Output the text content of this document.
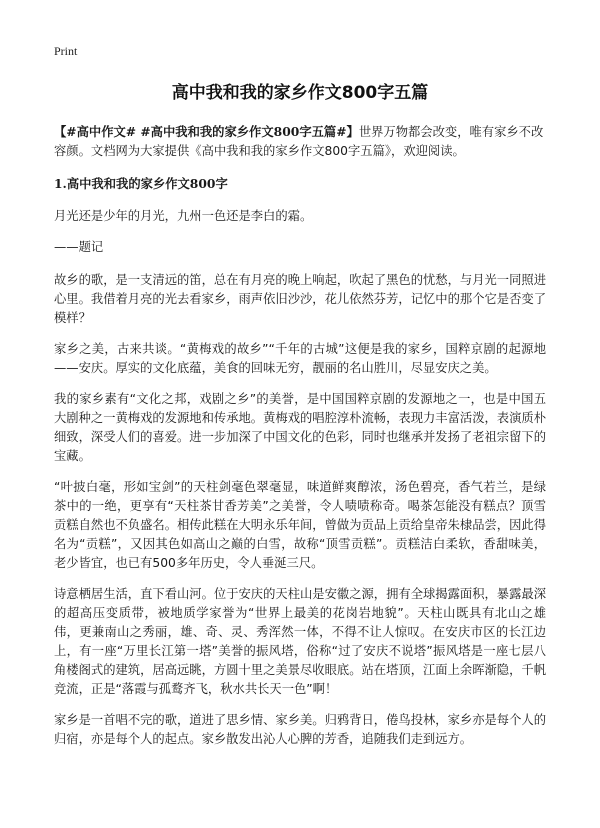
Print
高中我和我的家乡作文800字五篇

【#高中作文# #高中我和我的家乡作文800字五篇#】世界万物都会改变，唯有家乡不改容颜。文档网为大家提供《高中我和我的家乡作文800字五篇》，欢迎阅读。

1.高中我和我的家乡作文800字

月光还是少年的月光，九州一色还是李白的霜。

——题记

故乡的歌，是一支清远的笛，总在有月亮的晚上响起，吹起了黑色的忧愁，与月光一同照进心里。我借着月亮的光去看家乡，雨声依旧沙沙，花儿依然芬芳，记忆中的那个它是否变了模样？

家乡之美，古来共谈。“黄梅戏的故乡”“千年的古城”这便是我的家乡，国粹京剧的起源地——安庆。厚实的文化底蕴，美食的回味无穷，靓丽的名山胜川，尽显安庆之美。

我的家乡素有“文化之邦，戏剧之乡”的美誉，是中国国粹京剧的发源地之一，也是中国五大剧种之一黄梅戏的发源地和传承地。黄梅戏的唱腔淳朴流畅，表现力丰富活泼，表演质朴细致，深受人们的喜爱。进一步加深了中国文化的色彩，同时也继承并发扬了老祖宗留下的宝藏。

“叶披白毫，形如宝剑”的天柱剑毫色翠毫显，味道鲜爽醇浓，汤色碧亮，香气若兰，是绿茶中的一绝，更享有“天柱茶甘香芳美”之美誉，令人啧啧称奇。喝茶怎能没有糕点？顶雪贡糕自然也不负盛名。相传此糕在大明永乐年间，曾做为贡品上贡给皇帝朱棣品尝，因此得名为“贡糕”，又因其色如高山之巅的白雪，故称“顶雪贡糕”。贡糕洁白柔软，香甜味美，老少皆宜，也已有500多年历史，令人垂涎三尺。

诗意栖居生活，直下看山河。位于安庆的天柱山是安徽之源，拥有全球揭露面积，暴露最深的超高压变质带，被地质学家誉为“世界上最美的花岗岩地貌”。天柱山既具有北山之雄伟，更兼南山之秀丽，雄、奇、灵、秀浑然一体，不得不让人惊叹。在安庆市区的长江边上，有一座“万里长江第一塔”美誉的振风塔，俗称“过了安庆不说塔”振风塔是一座七层八角楼阁式的建筑，居高远眺，方圆十里之美景尽收眼底。站在塔顶，江面上余晖渐隐，千帆竞流，正是“落霞与孤鹜齐飞，秋水共长天一色”啊！

家乡是一首唱不完的歌，道进了思乡情、家乡美。归鸦背日，倦鸟投林，家乡亦是每个人的归宿，亦是每个人的起点。家乡散发出沁人心脾的芳香，追随我们走到远方。
